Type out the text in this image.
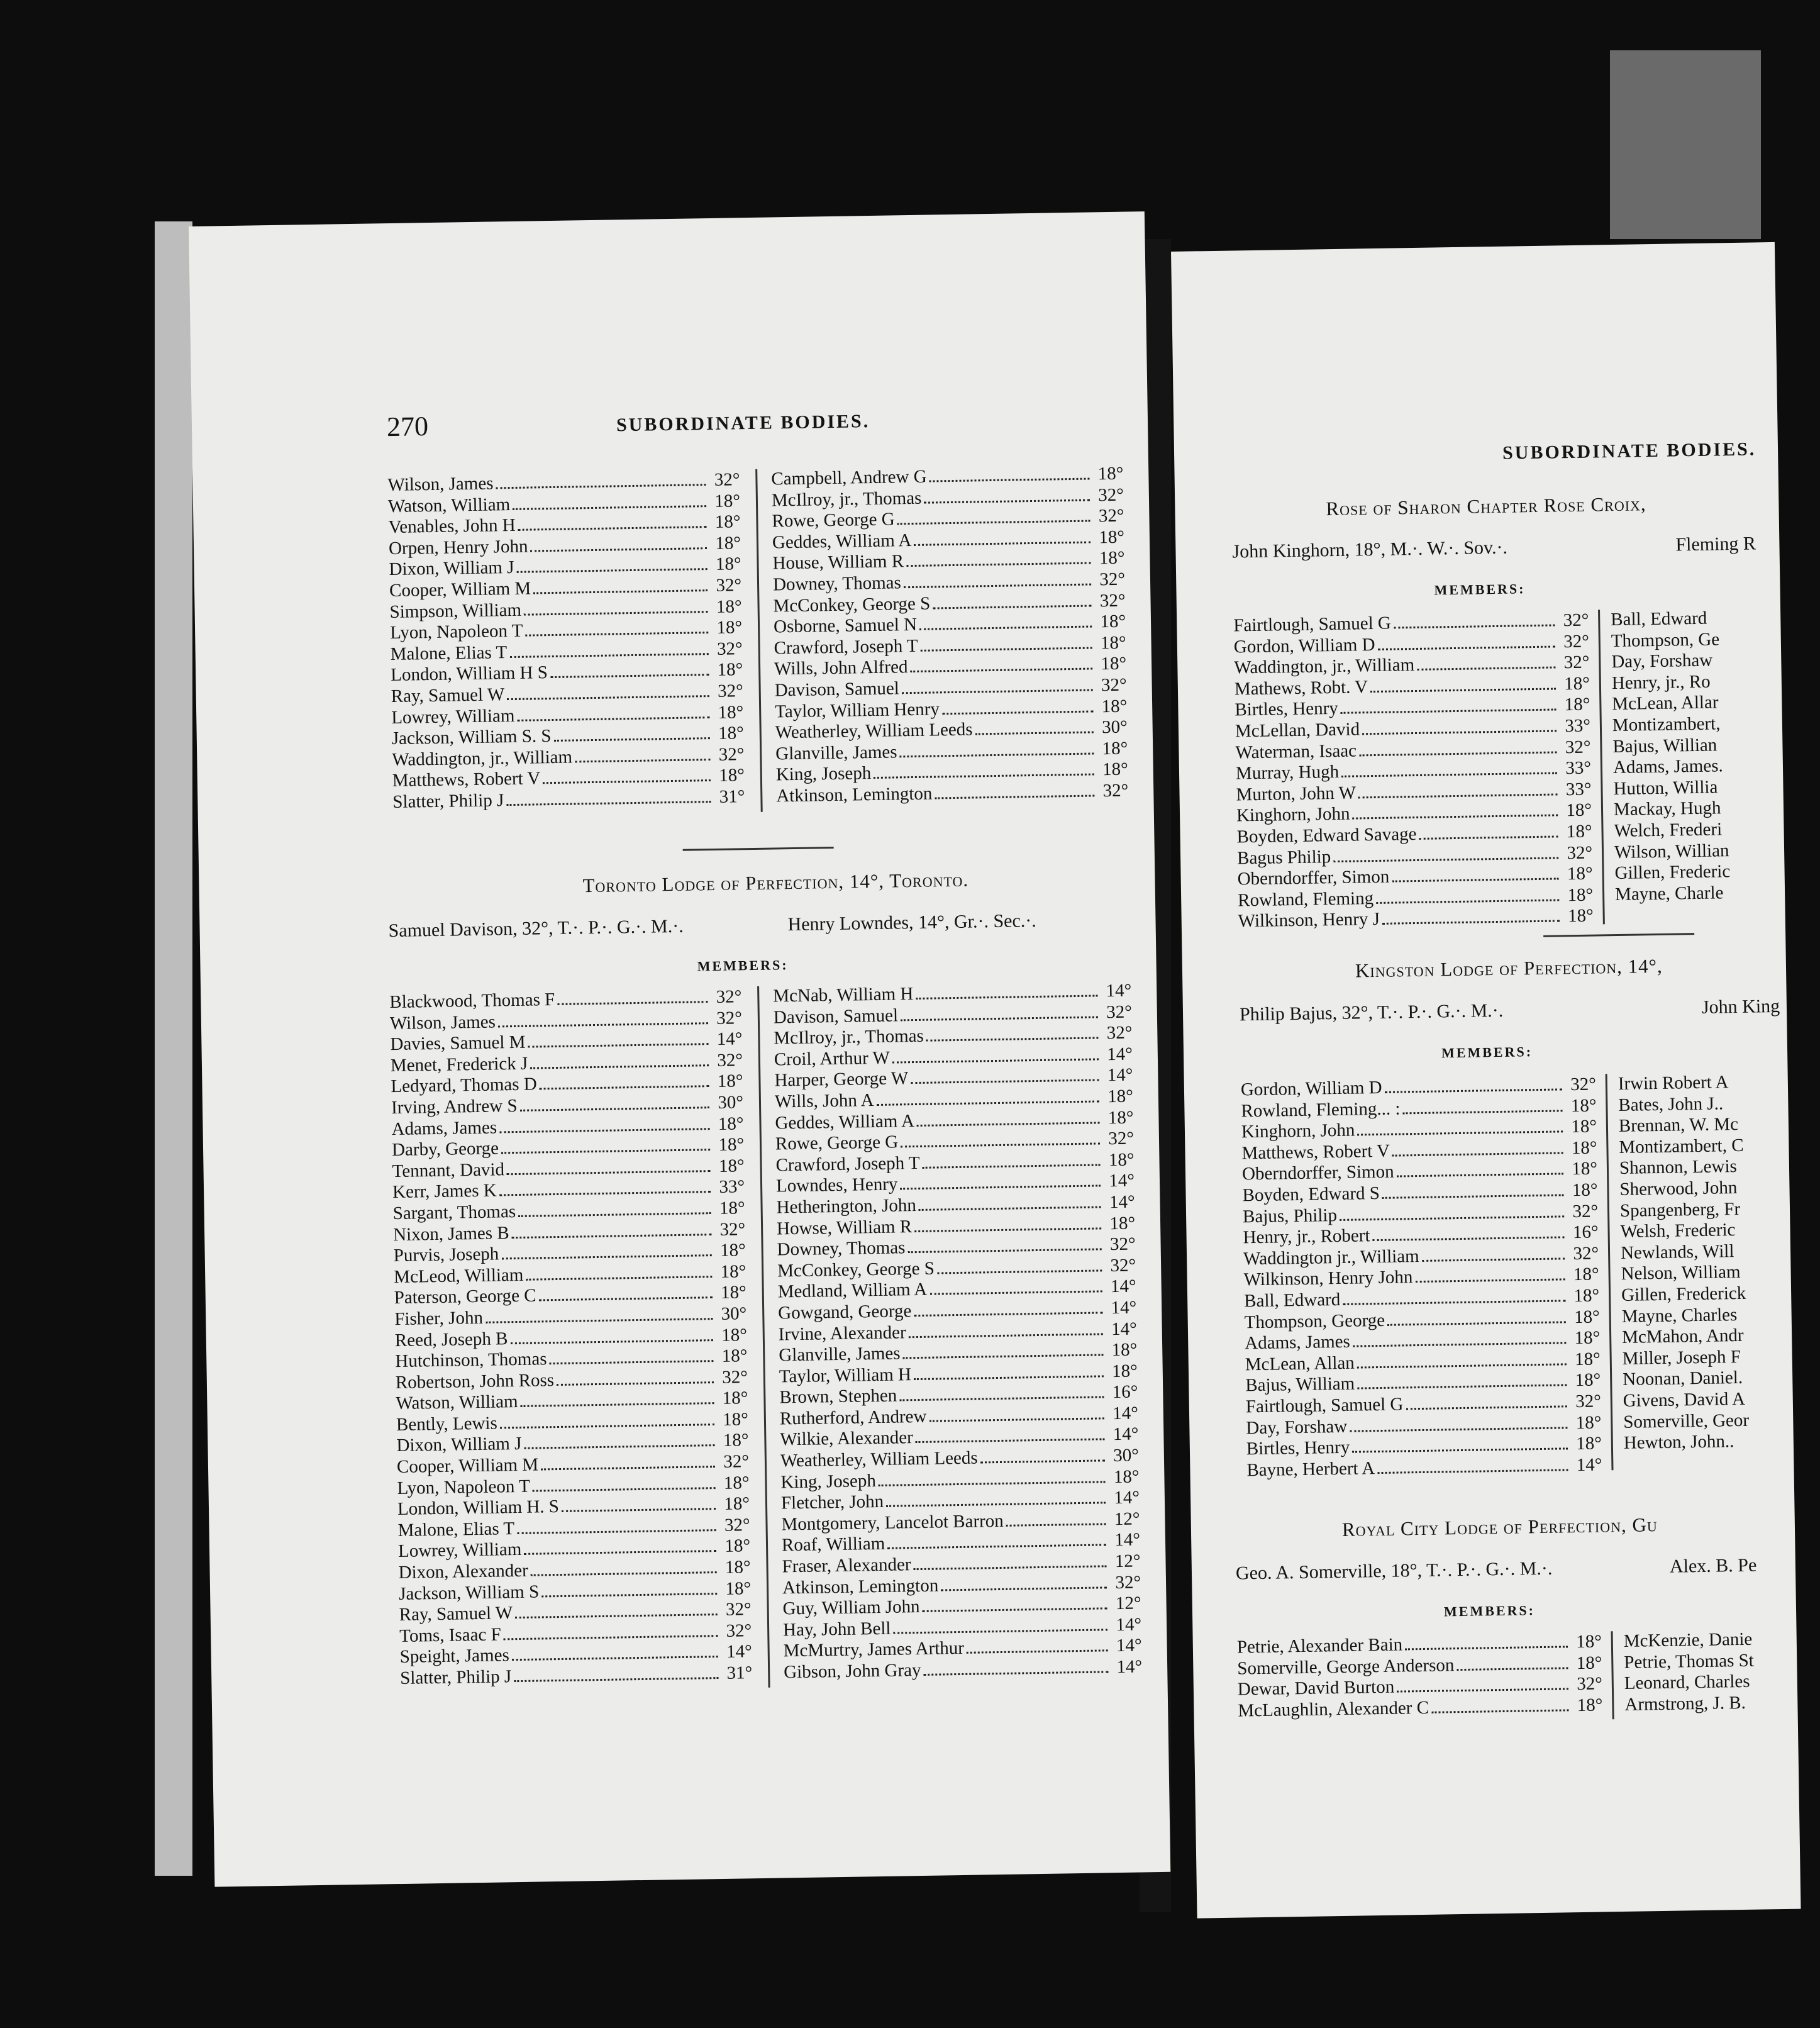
270	SUBORDINATE BODIES.
Wilson, James	32°
Watson, William	18°
Venables, John H	18°
Orpen, Henry John	18°
Dixon, William J	18°
Cooper, William M	32°
Simpson, William	18°
Lyon, Napoleon T	18°
Malone, Elias T	32°
London, William H S	18°
Ray, Samuel W	32°
Lowrey, William	18°
Jackson, William S. S	18°
Waddington, jr., William	32°
Matthews, Robert V	18°
Slatter, Philip J	31°
Campbell, Andrew G	18°
McIlroy, jr., Thomas	32°
Rowe, George G	32°
Geddes, William A	18°
House, William R	18°
Downey, Thomas	32°
McConkey, George S	32°
Osborne, Samuel N	18°
Crawford, Joseph T	18°
Wills, John Alfred	18°
Davison, Samuel	32°
Taylor, William Henry	18°
Weatherley, William Leeds	30°
Glanville, James	18°
King, Joseph	18°
Atkinson, Lemington	32°
Toronto Lodge of Perfection, 14°, Toronto.
Samuel Davison, 32°, T.·. P.·. G.·. M.·.	Henry Lowndes, 14°, Gr.·. Sec.·.
MEMBERS:
Blackwood, Thomas F	32°
Wilson, James	32°
Davies, Samuel M	14°
Menet, Frederick J	32°
Ledyard, Thomas D	18°
Irving, Andrew S	30°
Adams, James	18°
Darby, George	18°
Tennant, David	18°
Kerr, James K	33°
Sargant, Thomas	18°
Nixon, James B	32°
Purvis, Joseph	18°
McLeod, William	18°
Paterson, George C	18°
Fisher, John	30°
Reed, Joseph B	18°
Hutchinson, Thomas	18°
Robertson, John Ross	32°
Watson, William	18°
Bently, Lewis	18°
Dixon, William J	18°
Cooper, William M	32°
Lyon, Napoleon T	18°
London, William H. S	18°
Malone, Elias T	32°
Lowrey, William	18°
Dixon, Alexander	18°
Jackson, William S	18°
Ray, Samuel W	32°
Toms, Isaac F	32°
Speight, James	14°
Slatter, Philip J	31°
McNab, William H	14°
Davison, Samuel	32°
McIlroy, jr., Thomas	32°
Croil, Arthur W	14°
Harper, George W	14°
Wills, John A	18°
Geddes, William A	18°
Rowe, George G	32°
Crawford, Joseph T	18°
Lowndes, Henry	14°
Hetherington, John	14°
Howse, William R	18°
Downey, Thomas	32°
McConkey, George S	32°
Medland, William A	14°
Gowgand, George	14°
Irvine, Alexander	14°
Glanville, James	18°
Taylor, William H	18°
Brown, Stephen	16°
Rutherford, Andrew	14°
Wilkie, Alexander	14°
Weatherley, William Leeds	30°
King, Joseph	18°
Fletcher, John	14°
Montgomery, Lancelot Barron	12°
Roaf, William	14°
Fraser, Alexander	12°
Atkinson, Lemington	32°
Guy, William John	12°
Hay, John Bell	14°
McMurtry, James Arthur	14°
Gibson, John Gray	14°
SUBORDINATE BODIES.
Rose of Sharon Chapter Rose Croix,
John Kinghorn, 18°, M.·. W.·. Sov.·.	Fleming R
MEMBERS:
Fairtlough, Samuel G	32°
Gordon, William D	32°
Waddington, jr., William	32°
Mathews, Robt. V	18°
Birtles, Henry	18°
McLellan, David	33°
Waterman, Isaac	32°
Murray, Hugh	33°
Murton, John W	33°
Kinghorn, John	18°
Boyden, Edward Savage	18°
Bagus Philip	32°
Oberndorffer, Simon	18°
Rowland, Fleming	18°
Wilkinson, Henry J	18°
Ball, Edward
Thompson, Ge
Day, Forshaw
Henry, jr., Ro
McLean, Allar
Montizambert,
Bajus, Willian
Adams, James.
Hutton, Willia
Mackay, Hugh
Welch, Frederi
Wilson, Willian
Gillen, Frederic
Mayne, Charle
Kingston Lodge of Perfection, 14°,
Philip Bajus, 32°, T.·. P.·. G.·. M.·.	John King
MEMBERS:
Gordon, William D	32°
Rowland, Fleming... :	18°
Kinghorn, John	18°
Matthews, Robert V	18°
Oberndorffer, Simon	18°
Boyden, Edward S	18°
Bajus, Philip	32°
Henry, jr., Robert	16°
Waddington jr., William	32°
Wilkinson, Henry John	18°
Ball, Edward	18°
Thompson, George	18°
Adams, James	18°
McLean, Allan	18°
Bajus, William	18°
Fairtlough, Samuel G	32°
Day, Forshaw	18°
Birtles, Henry	18°
Bayne, Herbert A	14°
Irwin Robert A
Bates, John J..
Brennan, W. Mc
Montizambert, C
Shannon, Lewis
Sherwood, John
Spangenberg, Fr
Welsh, Frederic
Newlands, Will
Nelson, William
Gillen, Frederick
Mayne, Charles
McMahon, Andr
Miller, Joseph F
Noonan, Daniel.
Givens, David A
Somerville, Geor
Hewton, John..
Royal City Lodge of Perfection, Gu
Geo. A. Somerville, 18°, T.·. P.·. G.·. M.·.	Alex. B. Pe
MEMBERS:
Petrie, Alexander Bain	18°
Somerville, George Anderson	18°
Dewar, David Burton	32°
McLaughlin, Alexander C	18°
McKenzie, Danie
Petrie, Thomas St
Leonard, Charles
Armstrong, J. B.
